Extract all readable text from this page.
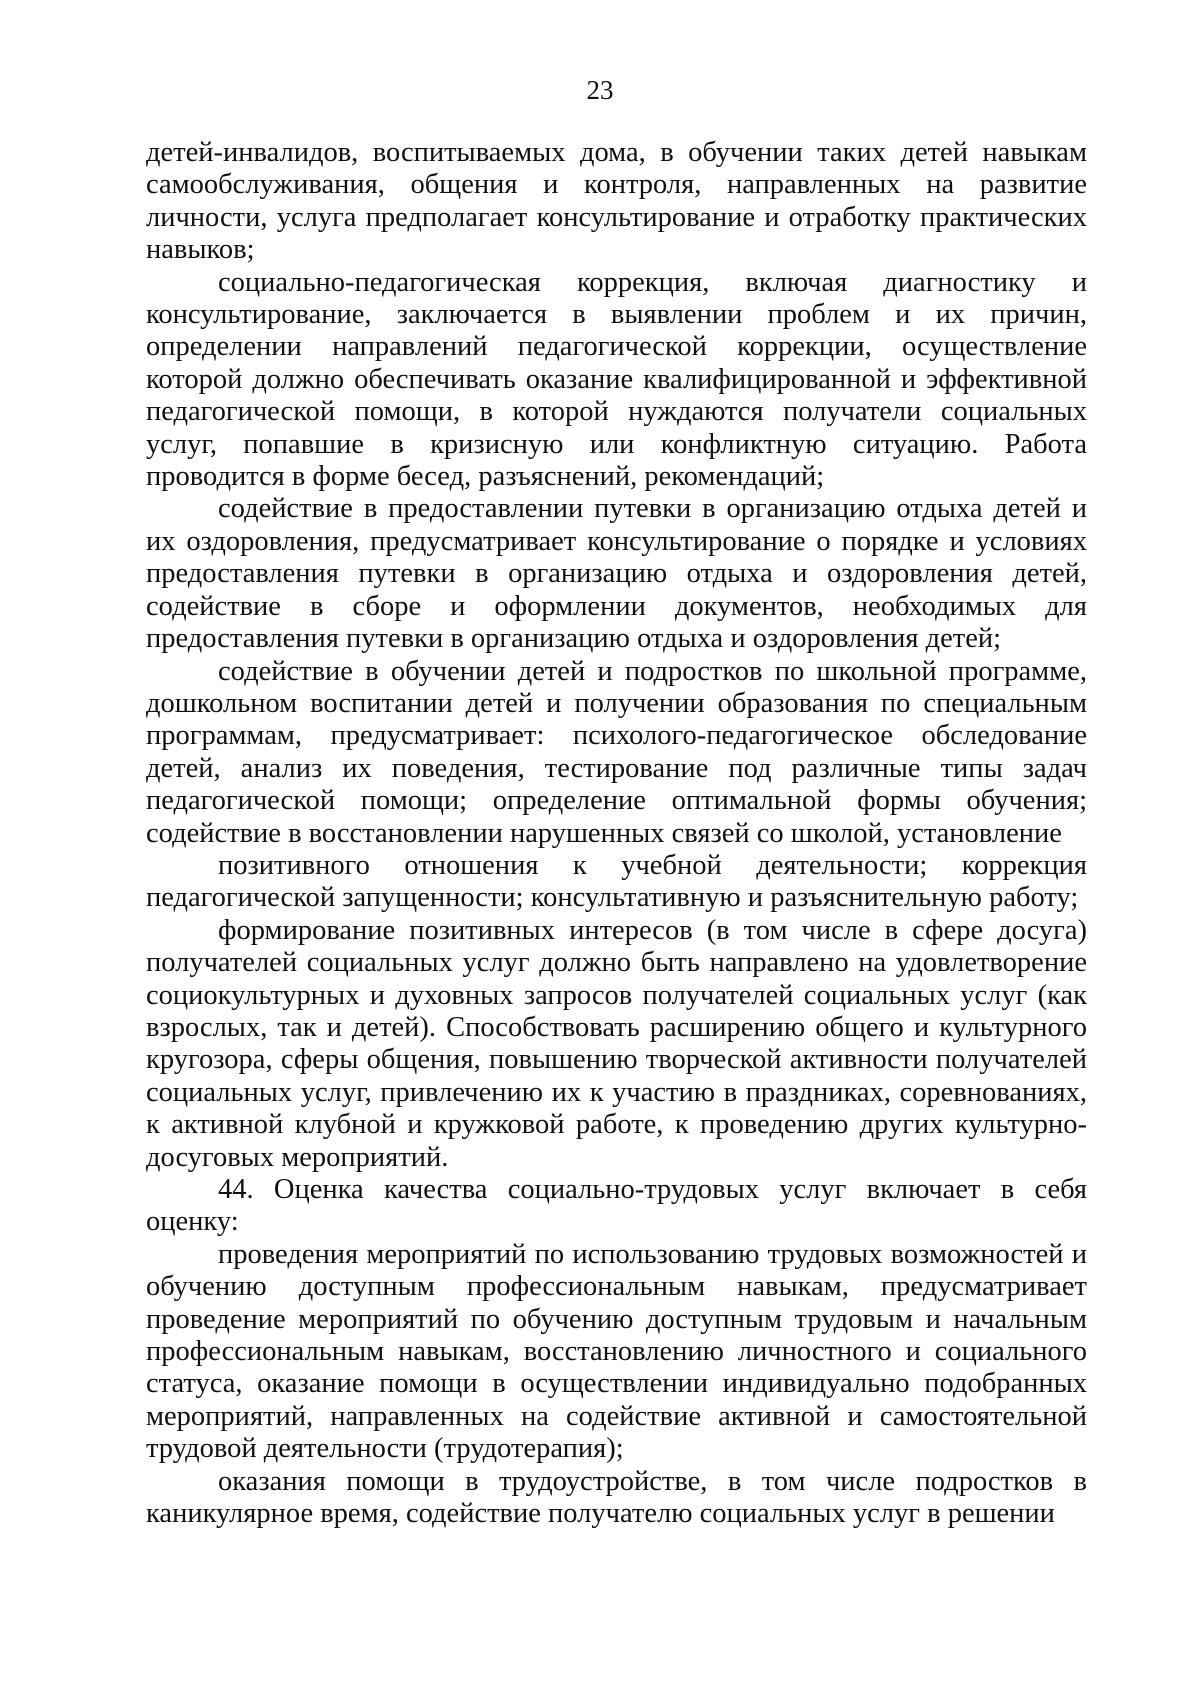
23

детей-инвалидов, воспитываемых дома, в обучении таких детей навыкам самообслуживания, общения и контроля, направленных на развитие личности, услуга предполагает консультирование и отработку практических навыков;

социально-педагогическая коррекция, включая диагностику и консультирование, заключается в выявлении проблем и их причин, определении направлений педагогической коррекции, осуществление которой должно обеспечивать оказание квалифицированной и эффективной педагогической помощи, в которой нуждаются получатели социальных услуг, попавшие в кризисную или конфликтную ситуацию. Работа проводится в форме бесед, разъяснений, рекомендаций;

содействие в предоставлении путевки в организацию отдыха детей и их оздоровления, предусматривает консультирование о порядке и условиях предоставления путевки в организацию отдыха и оздоровления детей, содействие в сборе и оформлении документов, необходимых для предоставления путевки в организацию отдыха и оздоровления детей;

содействие в обучении детей и подростков по школьной программе, дошкольном воспитании детей и получении образования по специальным программам, предусматривает: психолого-педагогическое обследование детей, анализ их поведения, тестирование под различные типы задач педагогической помощи; определение оптимальной формы обучения; содействие в восстановлении нарушенных связей со школой, установление

позитивного отношения к учебной деятельности; коррекция педагогической запущенности; консультативную и разъяснительную работу;

формирование позитивных интересов (в том числе в сфере досуга) получателей социальных услуг должно быть направлено на удовлетворение социокультурных и духовных запросов получателей социальных услуг (как взрослых, так и детей). Способствовать расширению общего и культурного кругозора, сферы общения, повышению творческой активности получателей социальных услуг, привлечению их к участию в праздниках, соревнованиях, к активной клубной и кружковой работе, к проведению других культурно-досуговых мероприятий.

44. Оценка качества социально-трудовых услуг включает в себя оценку:

проведения мероприятий по использованию трудовых возможностей и обучению доступным профессиональным навыкам, предусматривает проведение мероприятий по обучению доступным трудовым и начальным профессиональным навыкам, восстановлению личностного и социального статуса, оказание помощи в осуществлении индивидуально подобранных мероприятий, направленных на содействие активной и самостоятельной трудовой деятельности (трудотерапия);

оказания помощи в трудоустройстве, в том числе подростков в каникулярное время, содействие получателю социальных услуг в решении
